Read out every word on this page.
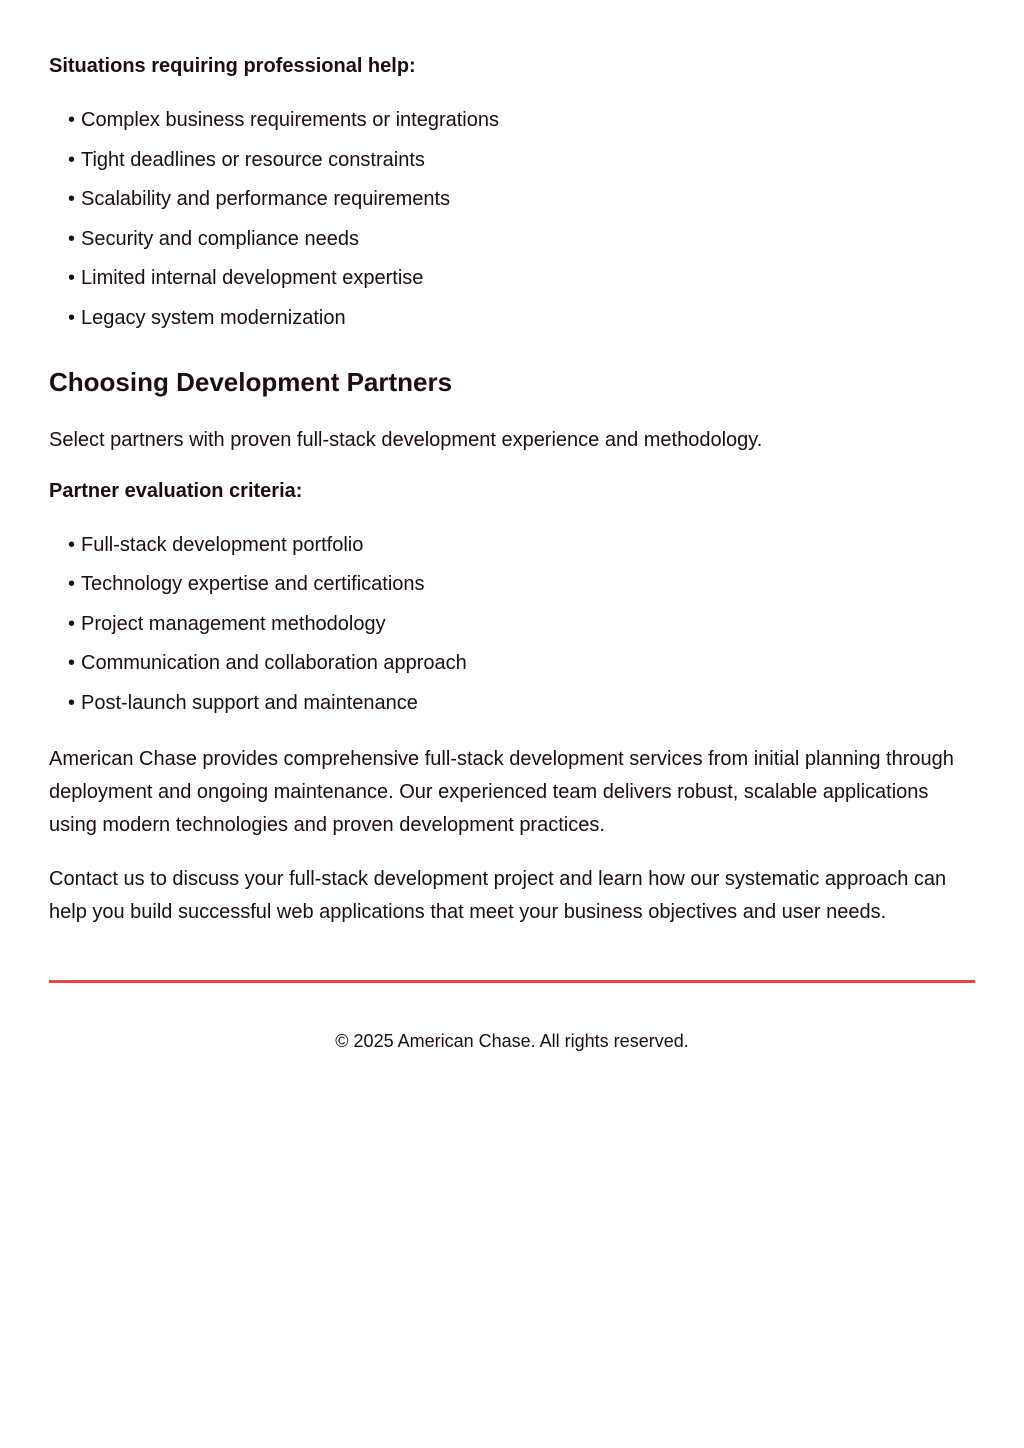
Situations requiring professional help:

• Complex business requirements or integrations
• Tight deadlines or resource constraints
• Scalability and performance requirements
• Security and compliance needs
• Limited internal development expertise
• Legacy system modernization
Choosing Development Partners

Select partners with proven full-stack development experience and methodology.

Partner evaluation criteria:

• Full-stack development portfolio
• Technology expertise and certifications
• Project management methodology
• Communication and collaboration approach
• Post-launch support and maintenance

American Chase provides comprehensive full-stack development services from initial planning through deployment and ongoing maintenance. Our experienced team delivers robust, scalable applications using modern technologies and proven development practices.

Contact us to discuss your full-stack development project and learn how our systematic approach can help you build successful web applications that meet your business objectives and user needs.

© 2025 American Chase. All rights reserved.
